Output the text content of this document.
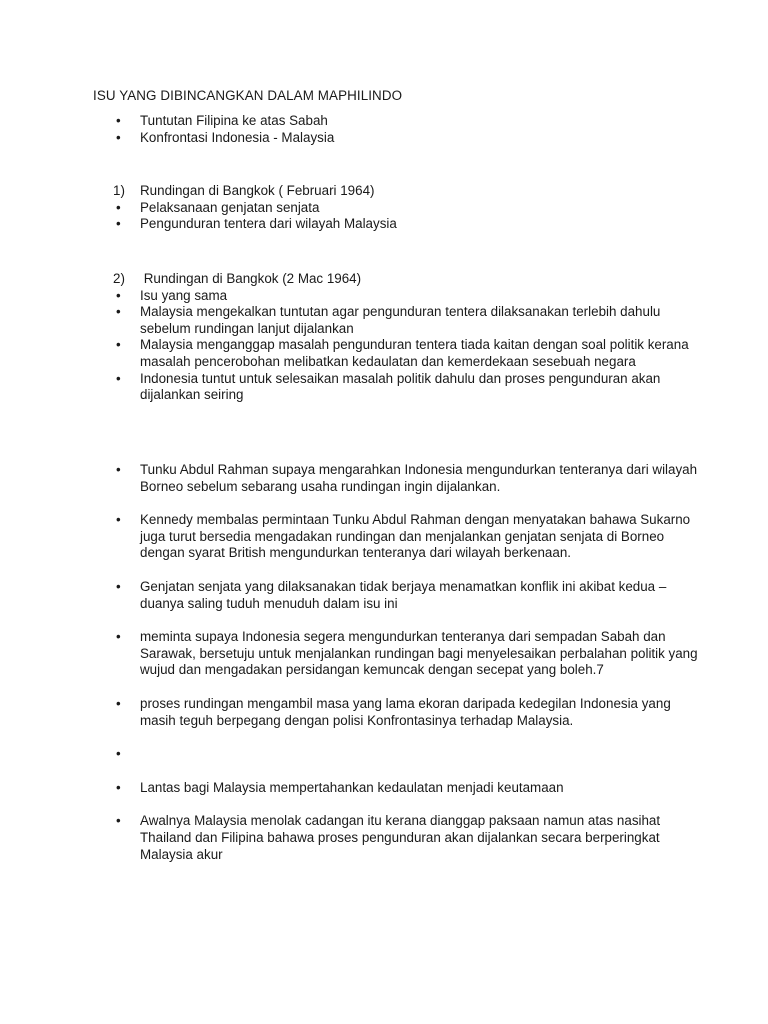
ISU YANG DIBINCANGKAN DALAM MAPHILINDO
•
Tuntutan Filipina ke atas Sabah
•
Konfrontasi Indonesia - Malaysia
1) Rundingan di Bangkok ( Februari 1964)
•
Pelaksanaan genjatan senjata
•
Pengunduran tentera dari wilayah Malaysia
2) Rundingan di Bangkok (2 Mac 1964)
•
Isu yang sama
•
Malaysia mengekalkan tuntutan agar pengunduran tentera dilaksanakan terlebih dahulu sebelum rundingan lanjut dijalankan
•
Malaysia menganggap masalah pengunduran tentera tiada kaitan dengan soal politik kerana masalah pencerobohan melibatkan kedaulatan dan kemerdekaan sesebuah negara
•
Indonesia tuntut untuk selesaikan masalah politik dahulu dan proses pengunduran akan dijalankan seiring
•
Tunku Abdul Rahman supaya mengarahkan Indonesia mengundurkan tenteranya dari wilayah Borneo sebelum sebarang usaha rundingan ingin dijalankan.
•
Kennedy membalas permintaan Tunku Abdul Rahman dengan menyatakan bahawa Sukarno juga turut bersedia mengadakan rundingan dan menjalankan genjatan senjata di Borneo dengan syarat British mengundurkan tenteranya dari wilayah berkenaan.
•
Genjatan senjata yang dilaksanakan tidak berjaya menamatkan konflik ini akibat kedua – duanya saling tuduh menuduh dalam isu ini
•
meminta supaya Indonesia segera mengundurkan tenteranya dari sempadan Sabah dan Sarawak, bersetuju untuk menjalankan rundingan bagi menyelesaikan perbalahan politik yang wujud dan mengadakan persidangan kemuncak dengan secepat yang boleh.7
•
proses rundingan mengambil masa yang lama ekoran daripada kedegilan Indonesia yang masih teguh berpegang dengan polisi Konfrontasinya terhadap Malaysia.
•
•
Lantas bagi Malaysia mempertahankan kedaulatan menjadi keutamaan
•
Awalnya Malaysia menolak cadangan itu kerana dianggap paksaan namun atas nasihat Thailand dan Filipina bahawa proses pengunduran akan dijalankan secara berperingkat Malaysia akur
